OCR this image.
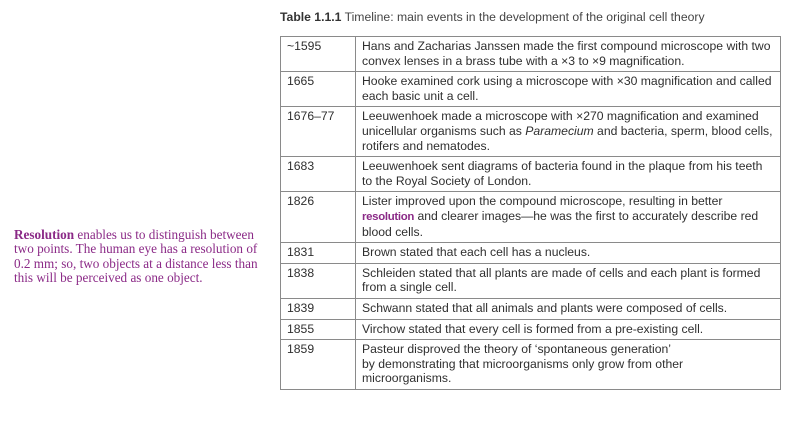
Resolution enables us to distinguish between two points. The human eye has a resolution of 0.2 mm; so, two objects at a distance less than this will be perceived as one object.
Table 1.1.1 Timeline: main events in the development of the original cell theory
~1595	Hans and Zacharias Janssen made the first compound microscope with two convex lenses in a brass tube with a ×3 to ×9 magnification.
1665	Hooke examined cork using a microscope with ×30 magnification and called each basic unit a cell.
1676–77	Leeuwenhoek made a microscope with ×270 magnification and examined unicellular organisms such as Paramecium and bacteria, sperm, blood cells, rotifers and nematodes.
1683	Leeuwenhoek sent diagrams of bacteria found in the plaque from his teeth to the Royal Society of London.
1826	Lister improved upon the compound microscope, resulting in better resolution and clearer images—he was the first to accurately describe red blood cells.
1831	Brown stated that each cell has a nucleus.
1838	Schleiden stated that all plants are made of cells and each plant is formed from a single cell.
1839	Schwann stated that all animals and plants were composed of cells.
1855	Virchow stated that every cell is formed from a pre-existing cell.
1859	Pasteur disproved the theory of ‘spontaneous generation’
by demonstrating that microorganisms only grow from other microorganisms.
